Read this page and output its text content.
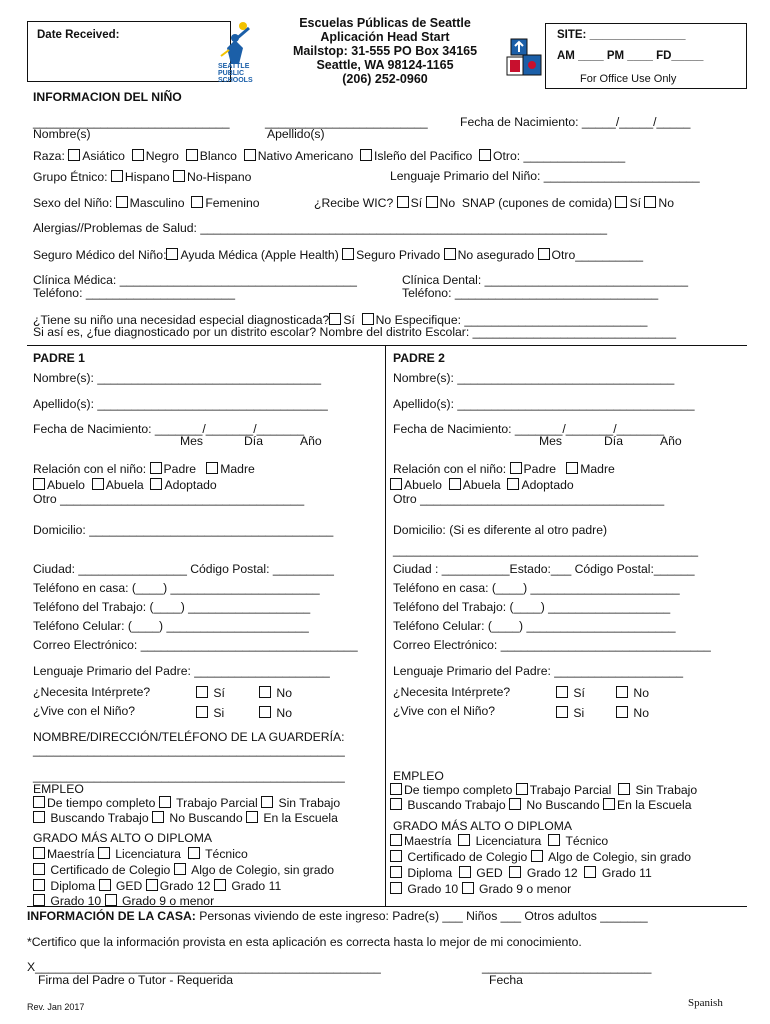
Date Received:
SEATTLE
PUBLIC
SCHOOLS
Escuelas Públicas de Seattle
Aplicación Head Start
Mailstop: 31-555 PO Box 34165
Seattle, WA 98124-1165
(206) 252-0960
SITE: _______________
AM ____ PM ____ FD_____
For Office Use Only
INFORMACION DEL NIÑO
_____________________________	________________________	Fecha de Nacimiento: _____/_____/_____
Nombre(s)	Apellido(s)
Raza: Asiático Negro Blanco Nativo Americano Isleño del Pacifico Otro: _______________
Grupo Étnico: Hispano No-Hispano	Lenguaje Primario del Niño: _______________________
Sexo del Niño: Masculino Femenino	¿Recibe WIC? Sí No SNAP (cupones de comida) Sí No
Alergias//Problemas de Salud: ____________________________________________________________
Seguro Médico del Niño: Ayuda Médica (Apple Health) Seguro Privado No asegurado Otro__________
Clínica Médica: ___________________________________
Teléfono: ______________________
Clínica Dental: ______________________________
Teléfono: ______________________________
¿Tiene su niño una necesidad especial diagnosticada? Sí No Especifique: ___________________________
Si así es, ¿fue diagnosticado por un distrito escolar? Nombre del distrito Escolar: ______________________________
PADRE 1
Nombre(s): _________________________________
Apellido(s): __________________________________
Fecha de Nacimiento: _______/_______/_______
Mes	Día	Año
Relación con el niño: Padre Madre
Abuelo Abuela Adoptado
Otro ____________________________________
Domicilio: ____________________________________
Ciudad: ________________ Código Postal: _________
Teléfono en casa: (____) ______________________
Teléfono del Trabajo: (____) __________________
Teléfono Celular: (____) _____________________
Correo Electrónico: ________________________________
Lenguaje Primario del Padre: ____________________
¿Necesita Intérprete?	Sí	No
¿Vive con el Niño?	Si	No
NOMBRE/DIRECCIÓN/TELÉFONO DE LA GUARDERÍA:
______________________________________________
______________________________________________
EMPLEO
De tiempo completo Trabajo Parcial Sin Trabajo
Buscando Trabajo No Buscando En la Escuela
GRADO MÁS ALTO O DIPLOMA
Maestría Licenciatura Técnico
Certificado de Colegio Algo de Colegio, sin grado
Diploma GED Grado 12 Grado 11
Grado 10 Grado 9 o menor
PADRE 2
Nombre(s): ________________________________
Apellido(s): ___________________________________
Fecha de Nacimiento: _______/_______/_______
Mes	Día	Año
Relación con el niño: Padre Madre
Abuelo Abuela Adoptado
Otro ____________________________________
Domicilio: (Si es diferente al otro padre)
_____________________________________________
Ciudad : __________Estado:___ Código Postal:______
Teléfono en casa: (____) ______________________
Teléfono del Trabajo: (____) __________________
Teléfono Celular: (____) ______________________
Correo Electrónico: _______________________________
Lenguaje Primario del Padre: ___________________
¿Necesita Intérprete?	Sí	No
¿Vive con el Niño?	Si	No
EMPLEO
De tiempo completo Trabajo Parcial Sin Trabajo
Buscando Trabajo No Buscando En la Escuela
GRADO MÁS ALTO O DIPLOMA
Maestría Licenciatura Técnico
Certificado de Colegio Algo de Colegio, sin grado
Diploma GED Grado 12 Grado 11
Grado 10 Grado 9 o menor
INFORMACIÓN DE LA CASA: Personas viviendo de este ingreso: Padre(s) ___ Niños ___ Otros adultos _______
*Certifico que la información provista en esta aplicación es correcta hasta lo mejor de mi conocimiento.
X___________________________________________________	_________________________
Firma del Padre o Tutor - Requerida	Fecha
Rev. Jan 2017	Spanish
